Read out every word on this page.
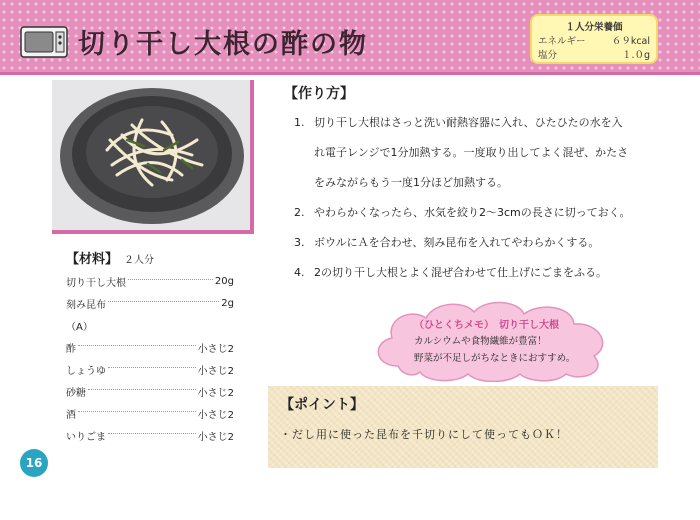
切り干し大根の酢の物
１人分栄養価
エネルギー	６９kcal
塩分	１.０g
【材料】 ２人分
切り干し大根	20g
刻み昆布	2g
（A）
酢	小さじ2
しょうゆ	小さじ2
砂糖	小さじ2
酒	小さじ2
いりごま	小さじ2
【作り方】
1. 切り干し大根はさっと洗い耐熱容器に入れ、ひたひたの水を入
れ電子レンジで1分加熱する。一度取り出してよく混ぜ、かたさ
をみながらもう一度1分ほど加熱する。
2. やわらかくなったら、水気を絞り2～3cmの長さに切っておく。
3. ボウルにＡを合わせ、刻み昆布を入れてやわらかくする。
4. 2の切り干し大根とよく混ぜ合わせて仕上げにごまをふる。
（ひとくちメモ）　切り干し大根
カルシウムや食物繊維が豊富！
野菜が不足しがちなときにおすすめ。
【ポイント】
・だし用に使った昆布を千切りにして使ってもＯＫ！
16
